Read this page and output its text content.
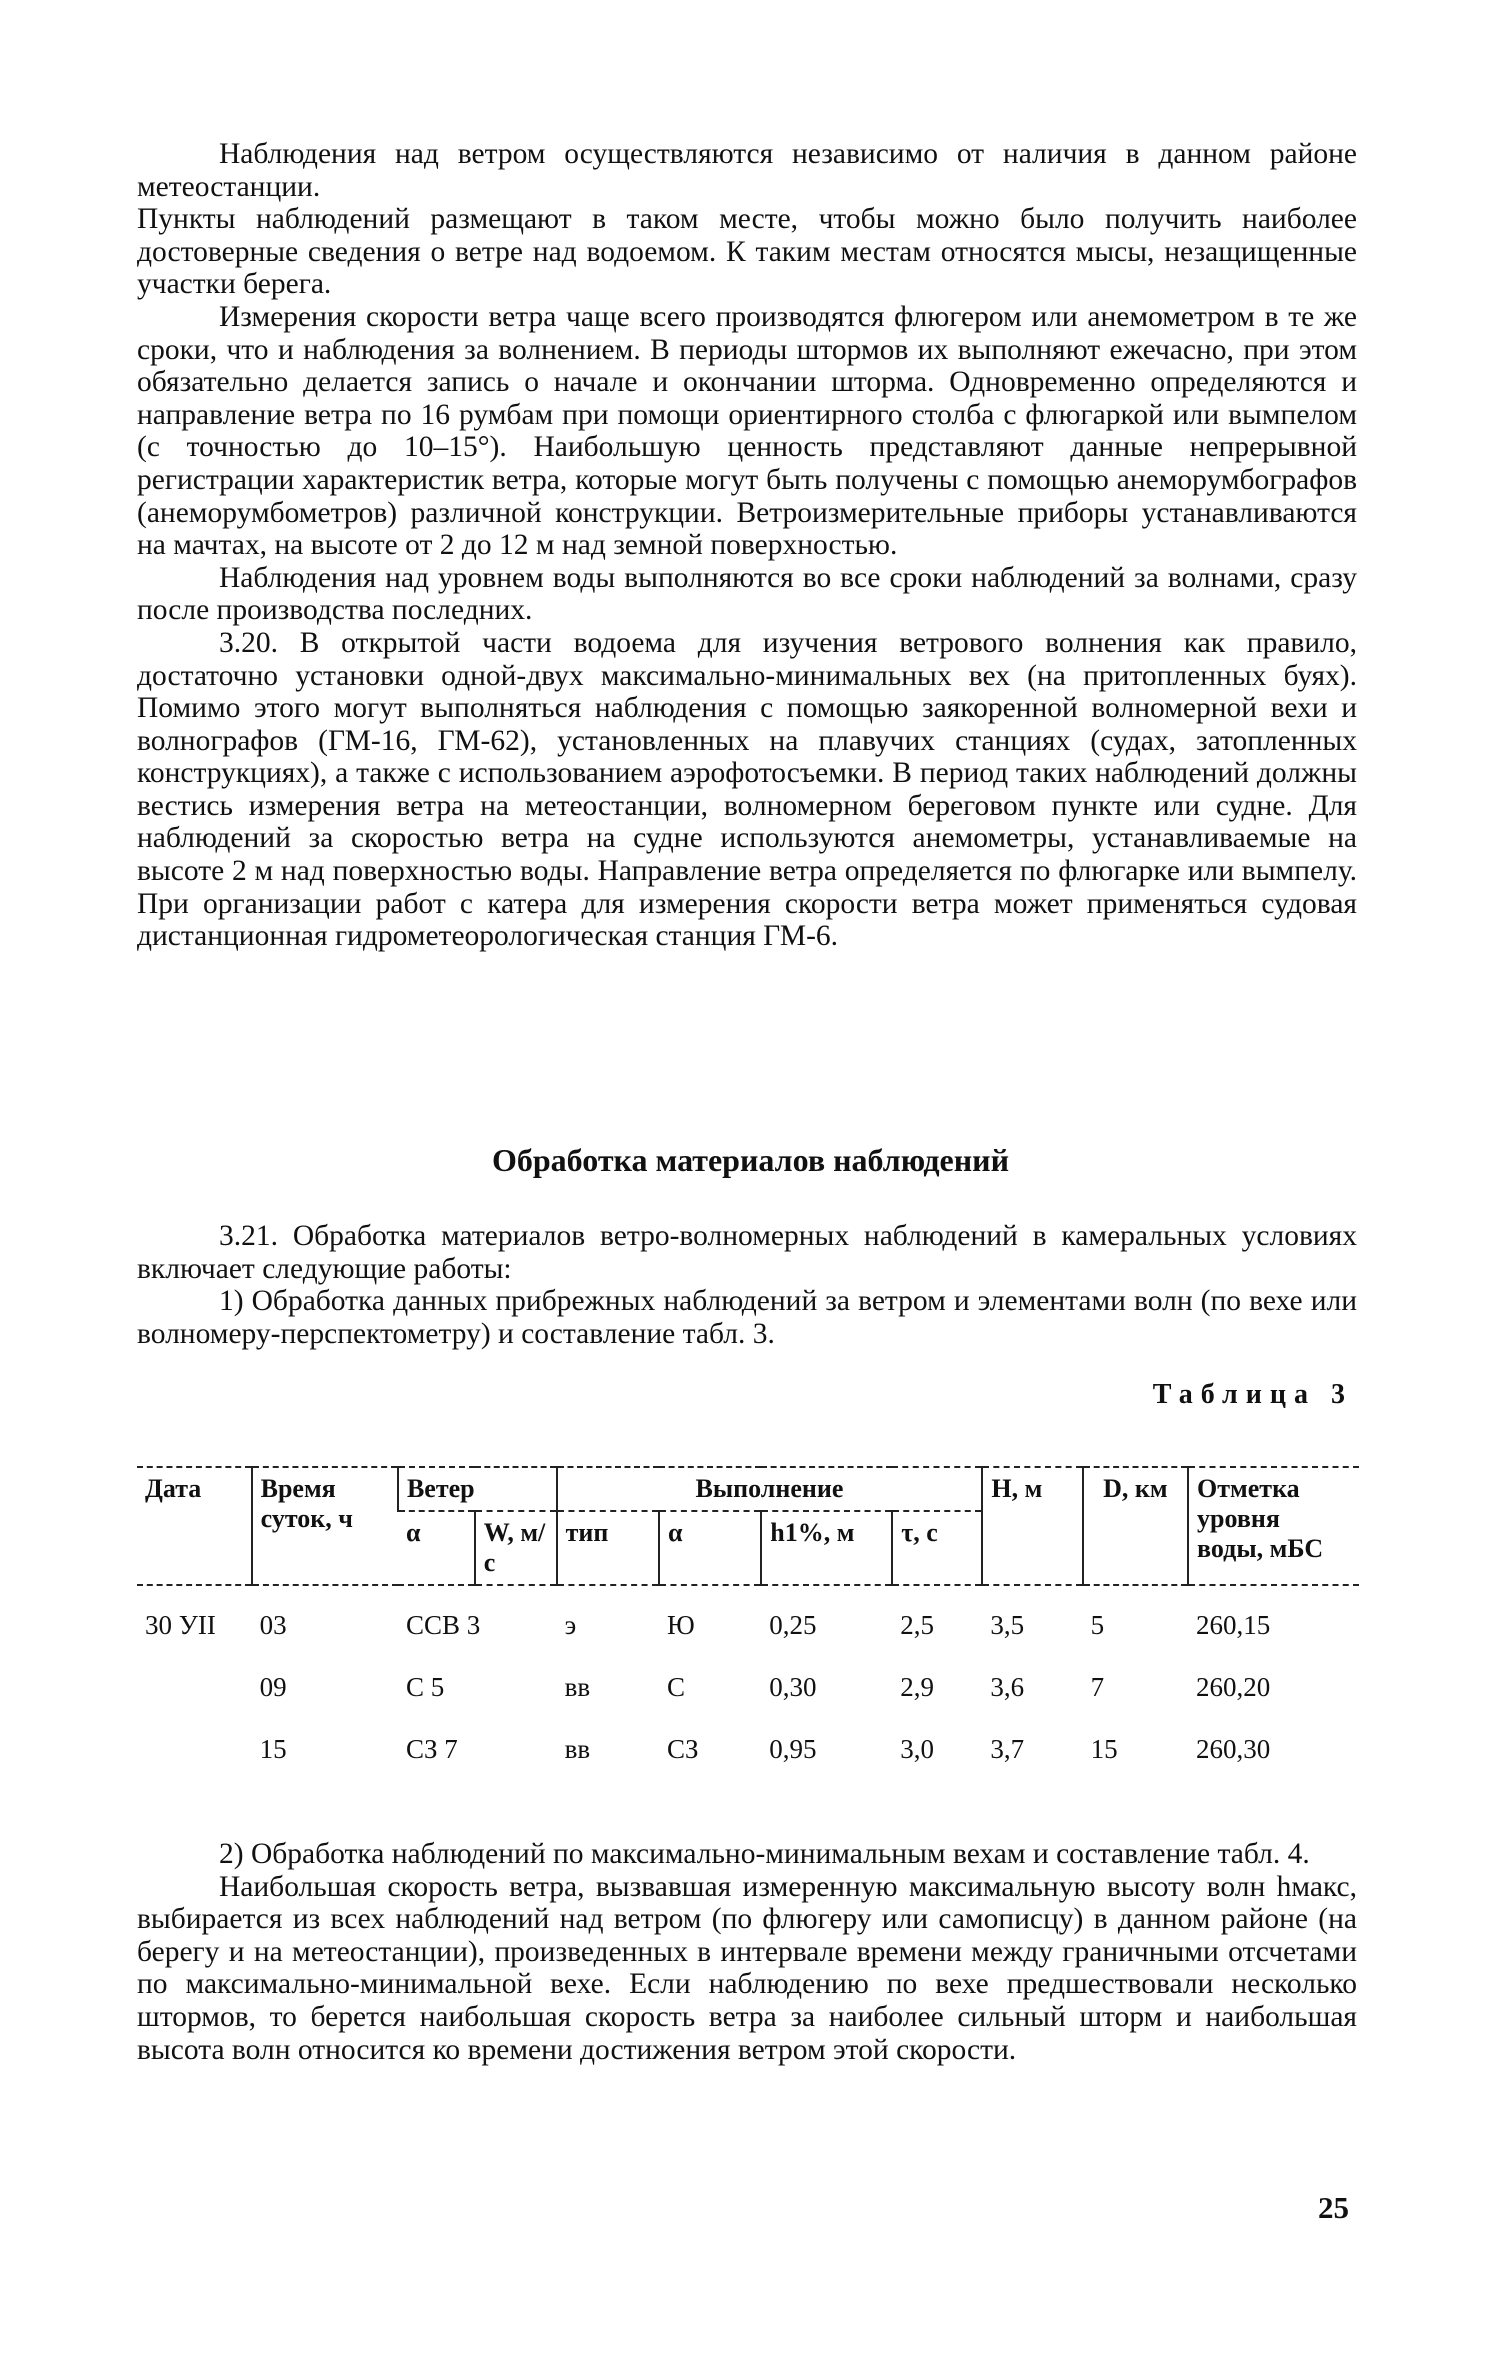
Наблюдения над ветром осуществляются независимо от наличия в данном районе метеостанции.

Пункты наблюдений размещают в таком месте, чтобы можно было получить наиболее достоверные сведения о ветре над водоемом. К таким местам относятся мысы, незащищенные участки берега.

Измерения скорости ветра чаще всего производятся флюгером или анемометром в те же сроки, что и наблюдения за волнением. В периоды штормов их выполняют ежечасно, при этом обязательно делается запись о начале и окончании шторма. Одновременно определяются и направление ветра по 16 румбам при помощи ориентирного столба с флюгаркой или вымпелом (с точностью до 10–15°). Наибольшую ценность представляют данные непрерывной регистрации характеристик ветра, которые могут быть получены с помощью анеморумбографов (анеморумбометров) различной конструкции. Ветроизмерительные приборы устанавливаются на мачтах, на высоте от 2 до 12 м над земной поверхностью.

Наблюдения над уровнем воды выполняются во все сроки наблюдений за волнами, сразу после производства последних.

3.20. В открытой части водоема для изучения ветрового волнения как правило, достаточно установки одной-двух максимально-минимальных вех (на притопленных буях). Помимо этого могут выполняться наблюдения с помощью заякоренной волномерной вехи и волнографов (ГМ-16, ГМ-62), установленных на плавучих станциях (судах, затопленных конструкциях), а также с использованием аэрофотосъемки. В период таких наблюдений должны вестись измерения ветра на метеостанции, волномерном береговом пункте или судне. Для наблюдений за скоростью ветра на судне используются анемометры, устанавливаемые на высоте 2 м над поверхностью воды. Направление ветра определяется по флюгарке или вымпелу. При организации работ с катера для измерения скорости ветра может применяться судовая дистанционная гидрометеорологическая станция ГМ-6.

Обработка материалов наблюдений

3.21. Обработка материалов ветро-волномерных наблюдений в камеральных условиях включает следующие работы:

1) Обработка данных прибрежных наблюдений за ветром и элементами волн (по вехе или волномеру-перспектометру) и составление табл. 3.

Таблица 3
Дата	Время суток, ч	Ветер		Выполнение				H, м	D, км	Отметка уровня воды, мБС
		α	W, м/с	тип	α	h1%, м	τ, с			
30 УII	03	ССВ 3		э	Ю	0,25	2,5	3,5	5	260,15
	09	С 5		вв	С	0,30	2,9	3,6	7	260,20
	15	СЗ 7		вв	СЗ	0,95	3,0	3,7	15	260,30

2) Обработка наблюдений по максимально-минимальным вехам и составление табл. 4.

Наибольшая скорость ветра, вызвавшая измеренную максимальную высоту волн hмакс, выбирается из всех наблюдений над ветром (по флюгеру или самописцу) в данном районе (на берегу и на метеостанции), произведенных в интервале времени между граничными отсчетами по максимально-минимальной вехе. Если наблюдению по вехе предшествовали несколько штормов, то берется наибольшая скорость ветра за наиболее сильный шторм и наибольшая высота волн относится ко времени достижения ветром этой скорости.

25
